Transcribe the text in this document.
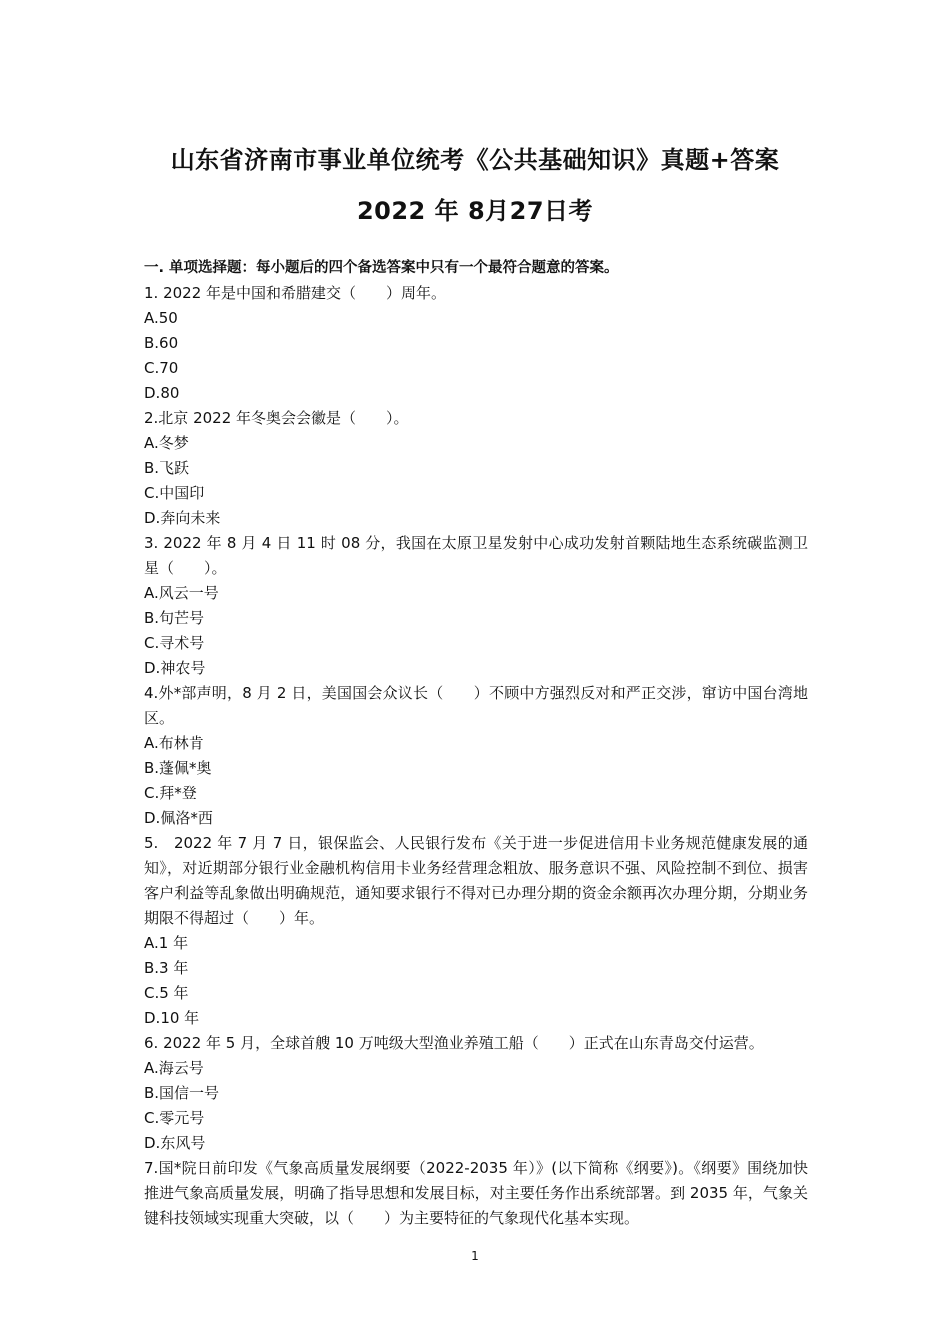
山东省济南市事业单位统考《公共基础知识》真题+答案
2022 年 8月27日考

一. 单项选择题：每小题后的四个备选答案中只有一个最符合题意的答案。

1. 2022 年是中国和希腊建交（　　）周年。

A.50

B.60

C.70

D.80

2.北京 2022 年冬奥会会徽是（　　）。

A.冬梦

B.飞跃

C.中国印

D.奔向未来

3. 2022 年 8 月 4 日 11 时 08 分，我国在太原卫星发射中心成功发射首颗陆地生态系统碳监测卫星（　　）。

A.风云一号

B.句芒号

C.寻术号

D.神农号

4.外*部声明，8 月 2 日，美国国会众议长（　　）不顾中方强烈反对和严正交涉，窜访中国台湾地区。

A.布林肯

B.蓬佩*奥

C.拜*登

D.佩洛*西

5.　2022 年 7 月 7 日，银保监会、人民银行发布《关于进一步促进信用卡业务规范健康发展的通知》，对近期部分银行业金融机构信用卡业务经营理念粗放、服务意识不强、风险控制不到位、损害客户利益等乱象做出明确规范，通知要求银行不得对已办理分期的资金余额再次办理分期，分期业务期限不得超过（　　）年。

A.1 年

B.3 年

C.5 年

D.10 年

6. 2022 年 5 月，全球首艘 10 万吨级大型渔业养殖工船（　　）正式在山东青岛交付运营。

A.海云号

B.国信一号

C.零元号

D.东风号

7.国*院日前印发《气象高质量发展纲要（2022-2035 年）》(以下简称《纲要》)。《纲要》围绕加快推进气象高质量发展，明确了指导思想和发展目标，对主要任务作出系统部署。到 2035 年，气象关键科技领域实现重大突破，以（　　）为主要特征的气象现代化基本实现。

1
